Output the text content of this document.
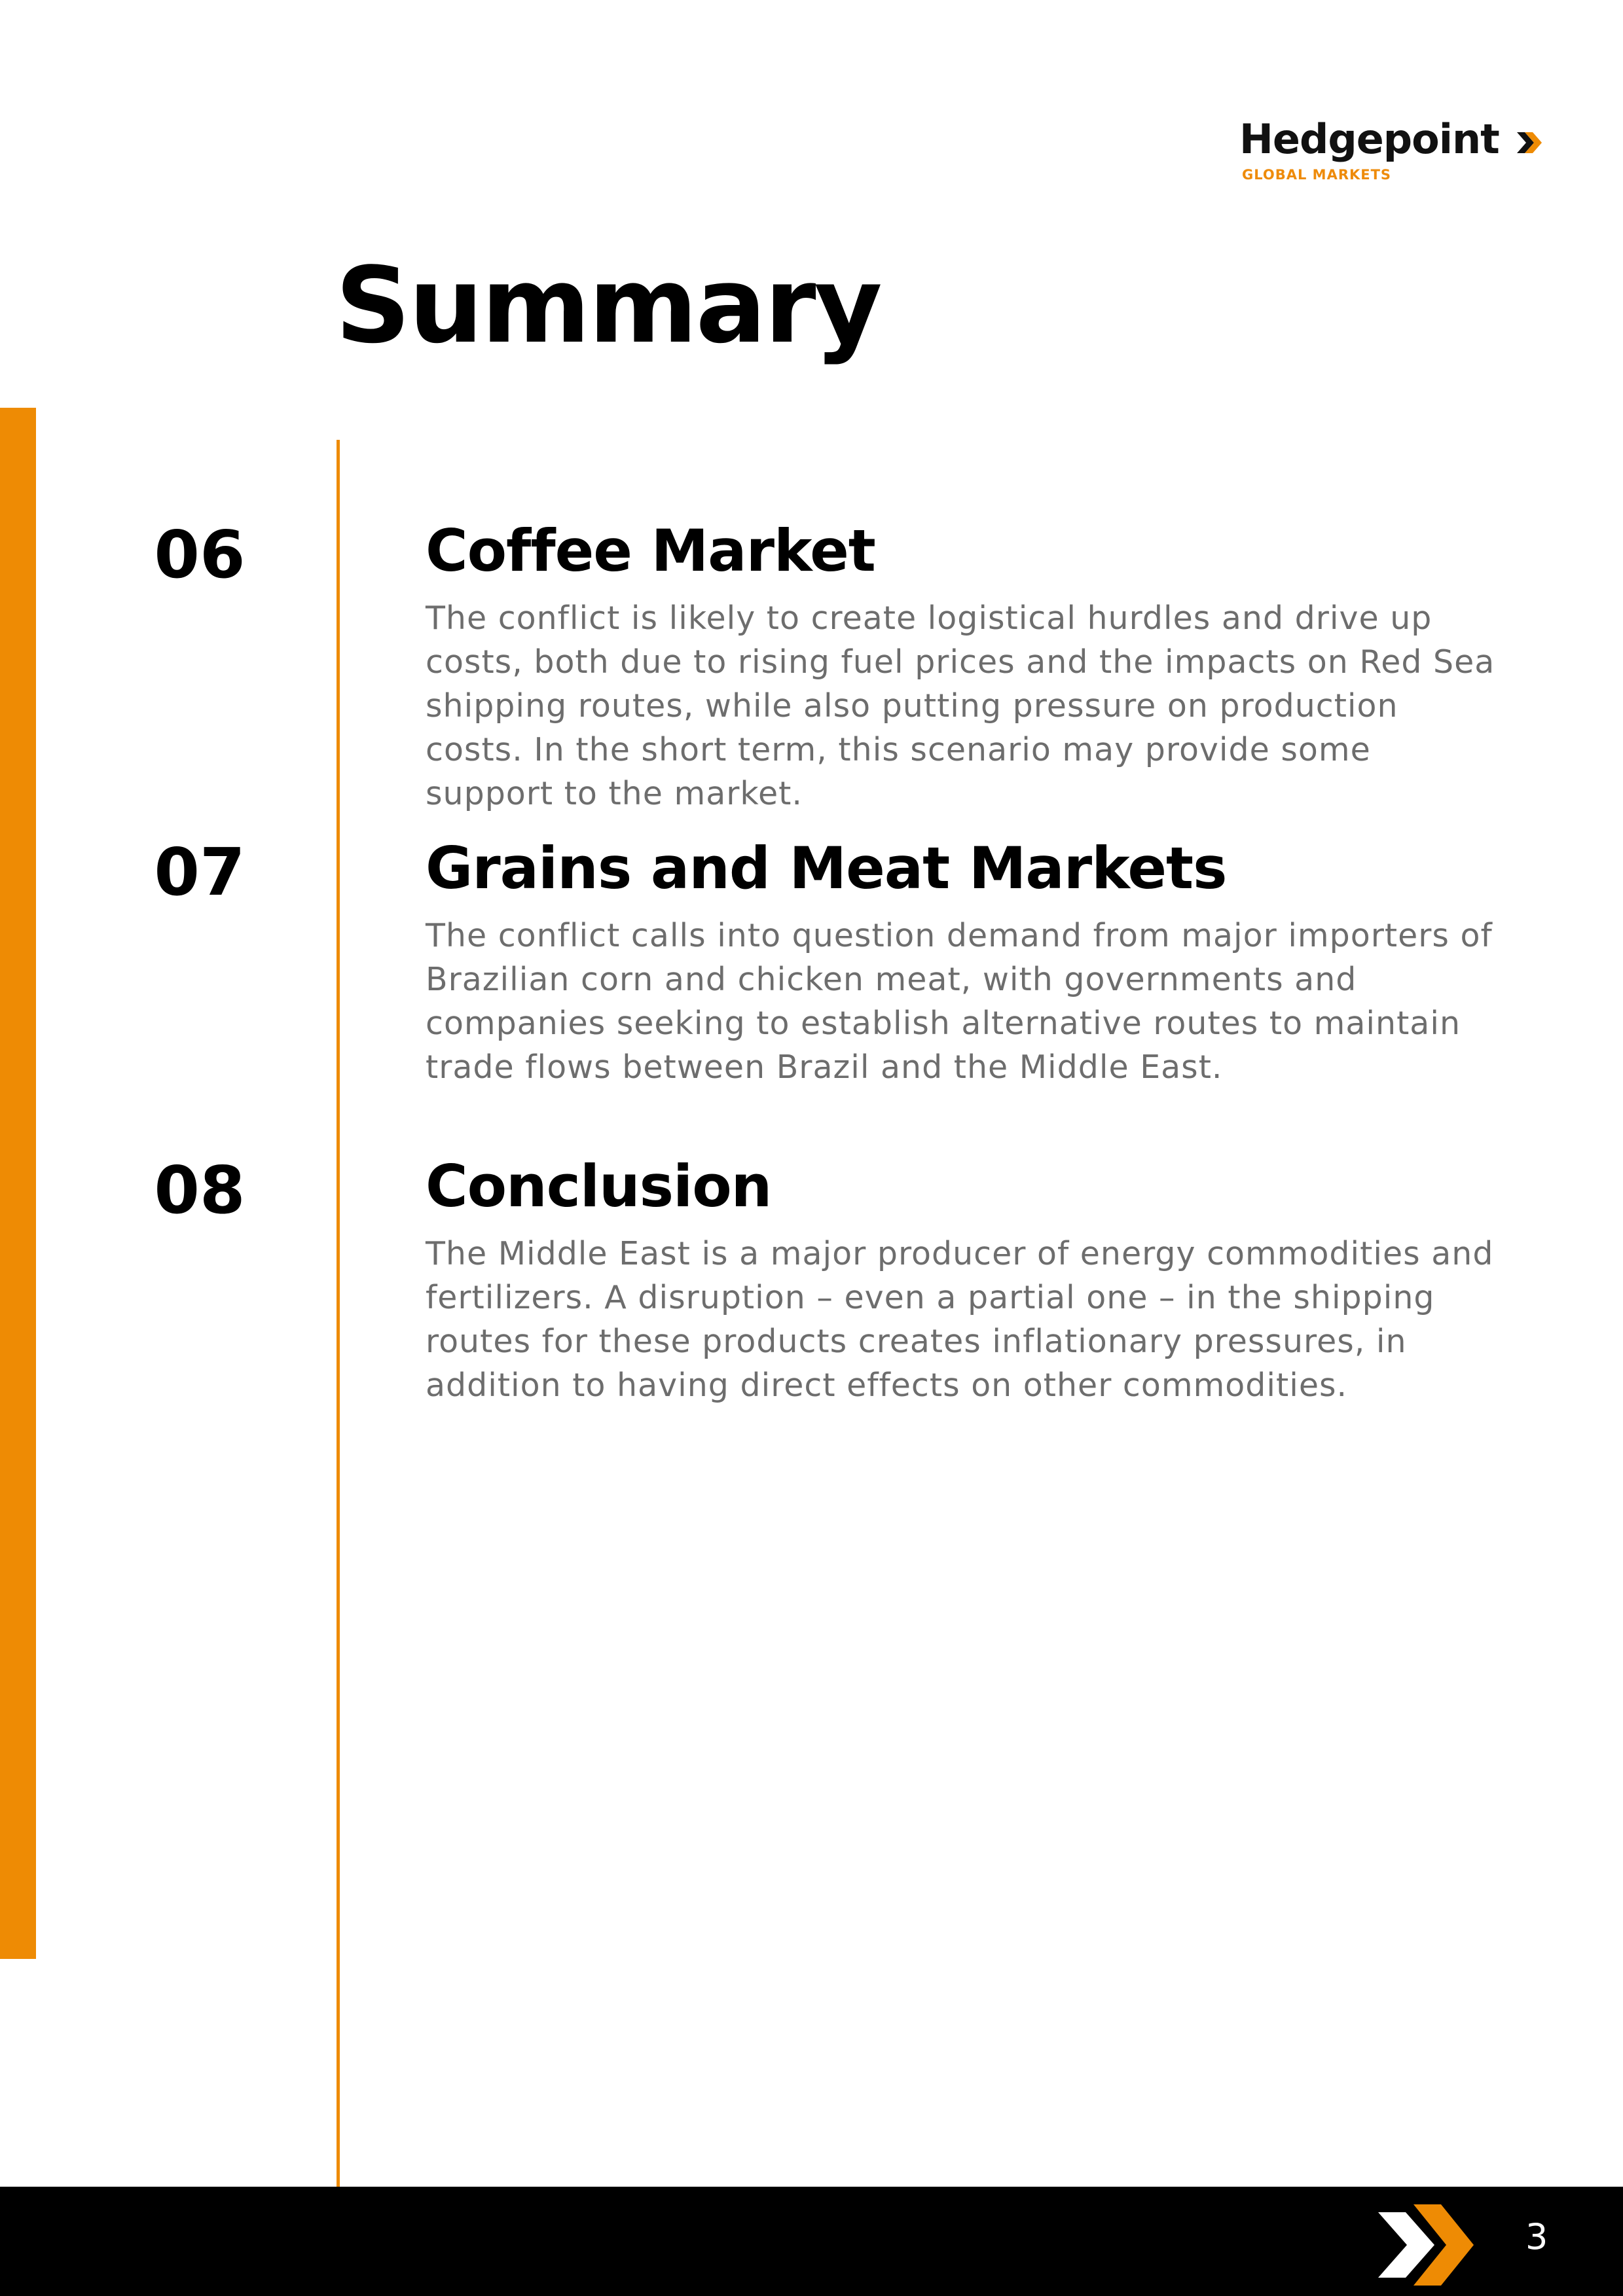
Hedgepoint
GLOBAL MARKETS
Summary
06	Coffee Market

The conflict is likely to create logistical hurdles and drive up costs, both due to rising fuel prices and the impacts on Red Sea shipping routes, while also putting pressure on production costs. In the short term, this scenario may provide some support to the market.

07	Grains and Meat Markets

The conflict calls into question demand from major importers of Brazilian corn and chicken meat, with governments and companies seeking to establish alternative routes to maintain trade flows between Brazil and the Middle East.

08	Conclusion

The Middle East is a major producer of energy commodities and fertilizers. A disruption – even a partial one – in the shipping routes for these products creates inflationary pressures, in addition to having direct effects on other commodities.

3
